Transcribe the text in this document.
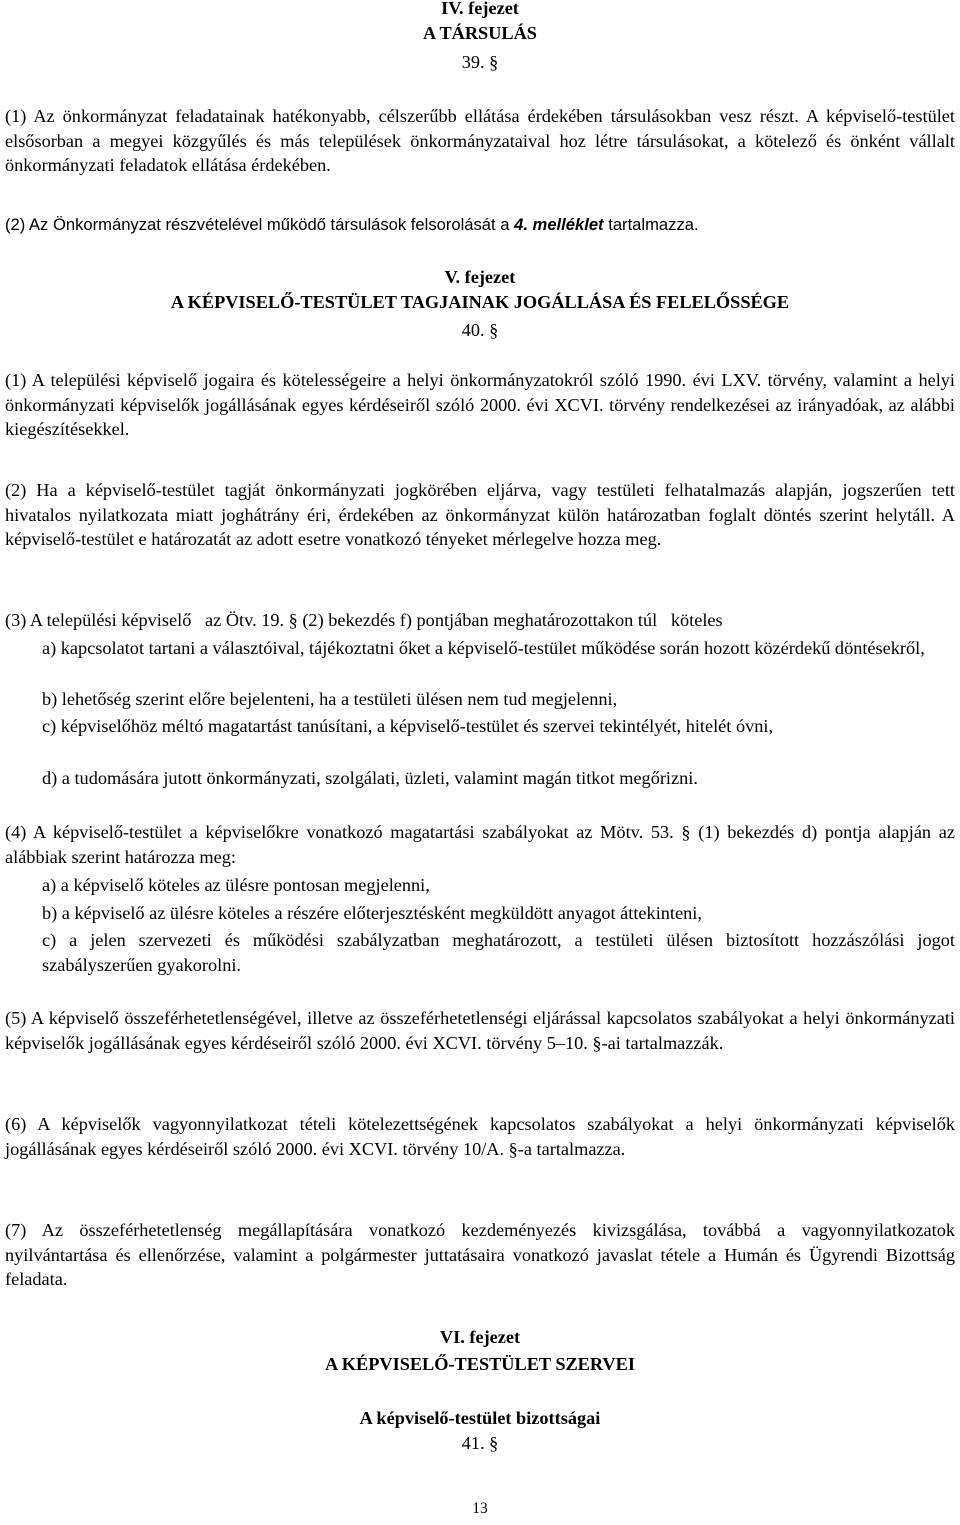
IV. fejezet
A TÁRSULÁS
39. §

(1) Az önkormányzat feladatainak hatékonyabb, célszerűbb ellátása érdekében társulásokban vesz részt. A képviselő-testület elsősorban a megyei közgyűlés és más települések önkormányzataival hoz létre társulásokat, a kötelező és önként vállalt önkormányzati feladatok ellátása érdekében.

(2) Az Önkormányzat részvételével működő társulások felsorolását a 4. melléklet tartalmazza.

V. fejezet
A KÉPVISELŐ-TESTÜLET TAGJAINAK JOGÁLLÁSA ÉS FELELŐSSÉGE
40. §

(1) A települési képviselő jogaira és kötelességeire a helyi önkormányzatokról szóló 1990. évi LXV. törvény, valamint a helyi önkormányzati képviselők jogállásának egyes kérdéseiről szóló 2000. évi XCVI. törvény rendelkezései az irányadóak, az alábbi kiegészítésekkel.

(2) Ha a képviselő-testület tagját önkormányzati jogkörében eljárva, vagy testületi felhatalmazás alapján, jogszerűen tett hivatalos nyilatkozata miatt joghátrány éri, érdekében az önkormányzat külön határozatban foglalt döntés szerint helytáll. A képviselő-testület e határozatát az adott esetre vonatkozó tényeket mérlegelve hozza meg.

(3) A települési képviselő  az Ötv. 19. § (2) bekezdés f) pontjában meghatározottakon túl  köteles

a) kapcsolatot tartani a választóival, tájékoztatni őket a képviselő-testület működése során hozott közérdekű döntésekről,

b) lehetőség szerint előre bejelenteni, ha a testületi ülésen nem tud megjelenni,

c) képviselőhöz méltó magatartást tanúsítani, a képviselő-testület és szervei tekintélyét, hitelét óvni,

d) a tudomására jutott önkormányzati, szolgálati, üzleti, valamint magán titkot megőrizni.

(4) A képviselő-testület a képviselőkre vonatkozó magatartási szabályokat az Mötv. 53. § (1) bekezdés d) pontja alapján az alábbiak szerint határozza meg:

a) a képviselő köteles az ülésre pontosan megjelenni,

b) a képviselő az ülésre köteles a részére előterjesztésként megküldött anyagot áttekinteni,

c) a jelen szervezeti és működési szabályzatban meghatározott, a testületi ülésen biztosított hozzászólási jogot szabályszerűen gyakorolni.

(5) A képviselő összeférhetetlenségével, illetve az összeférhetetlenségi eljárással kapcsolatos szabályokat a helyi önkormányzati képviselők jogállásának egyes kérdéseiről szóló 2000. évi XCVI. törvény 5–10. §-ai tartalmazzák.

(6) A képviselők vagyonnyilatkozat tételi kötelezettségének kapcsolatos szabályokat a helyi önkormányzati képviselők jogállásának egyes kérdéseiről szóló 2000. évi XCVI. törvény 10/A. §-a tartalmazza.

(7) Az összeférhetetlenség megállapítására vonatkozó kezdeményezés kivizsgálása, továbbá a vagyonnyilatkozatok nyilvántartása és ellenőrzése, valamint a polgármester juttatásaira vonatkozó javaslat tétele a Humán és Ügyrendi Bizottság feladata.

VI. fejezet
A KÉPVISELŐ-TESTÜLET SZERVEI
A képviselő-testület bizottságai
41. §
13
